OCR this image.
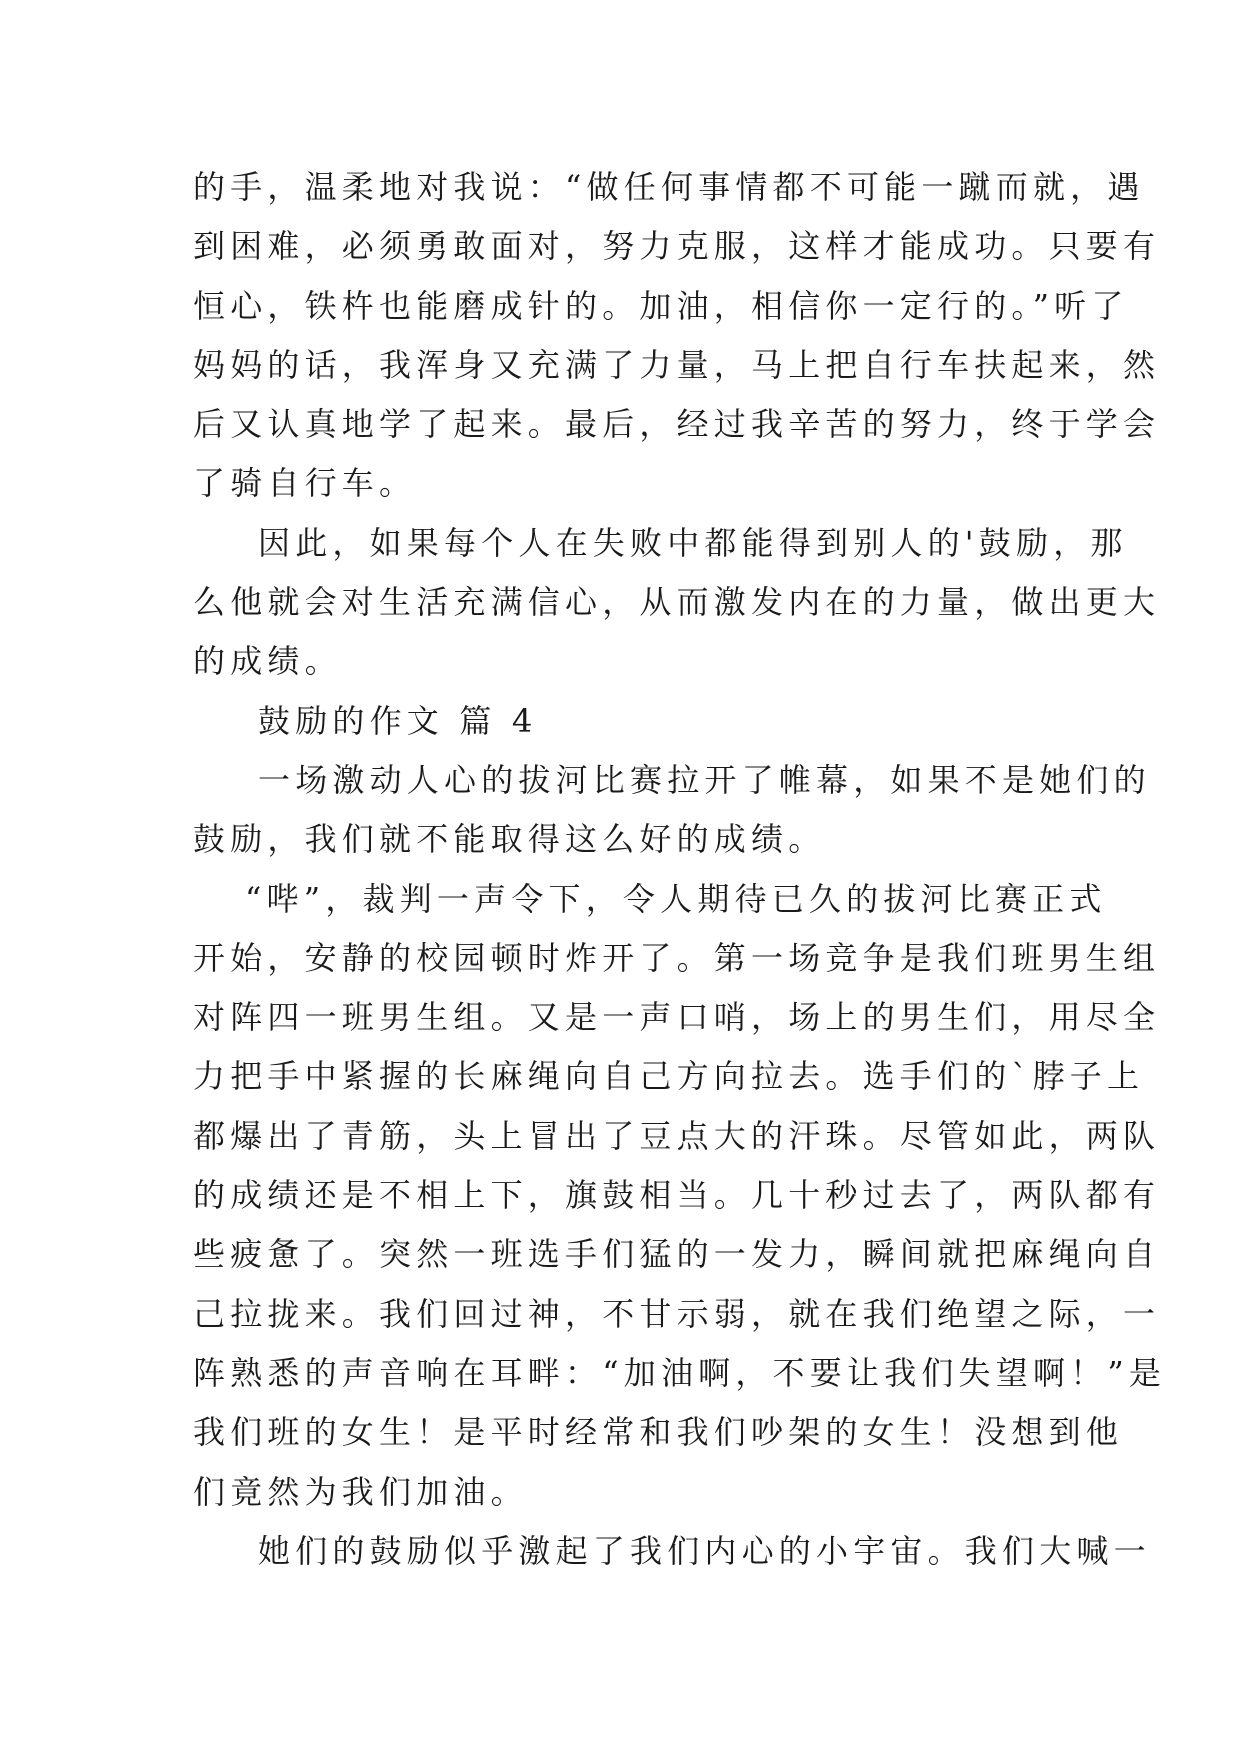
的手，温柔地对我说：“做任何事情都不可能一蹴而就，遇
到困难，必须勇敢面对，努力克服，这样才能成功。只要有
恒心，铁杵也能磨成针的。加油，相信你一定行的。”听了
妈妈的话，我浑身又充满了力量，马上把自行车扶起来，然
后又认真地学了起来。最后，经过我辛苦的努力，终于学会
了骑自行车。
因此，如果每个人在失败中都能得到别人的'鼓励，那
么他就会对生活充满信心，从而激发内在的力量，做出更大
的成绩。
鼓励的作文 篇 4
一场激动人心的拔河比赛拉开了帷幕，如果不是她们的
鼓励，我们就不能取得这么好的成绩。
“哔”，裁判一声令下，令人期待已久的拔河比赛正式
开始，安静的校园顿时炸开了。第一场竞争是我们班男生组
对阵四一班男生组。又是一声口哨，场上的男生们，用尽全
力把手中紧握的长麻绳向自己方向拉去。选手们的`脖子上
都爆出了青筋，头上冒出了豆点大的汗珠。尽管如此，两队
的成绩还是不相上下，旗鼓相当。几十秒过去了，两队都有
些疲惫了。突然一班选手们猛的一发力，瞬间就把麻绳向自
己拉拢来。我们回过神，不甘示弱，就在我们绝望之际，一
阵熟悉的声音响在耳畔：“加油啊，不要让我们失望啊！”是
我们班的女生！是平时经常和我们吵架的女生！没想到他
们竟然为我们加油。
她们的鼓励似乎激起了我们内心的小宇宙。我们大喊一
